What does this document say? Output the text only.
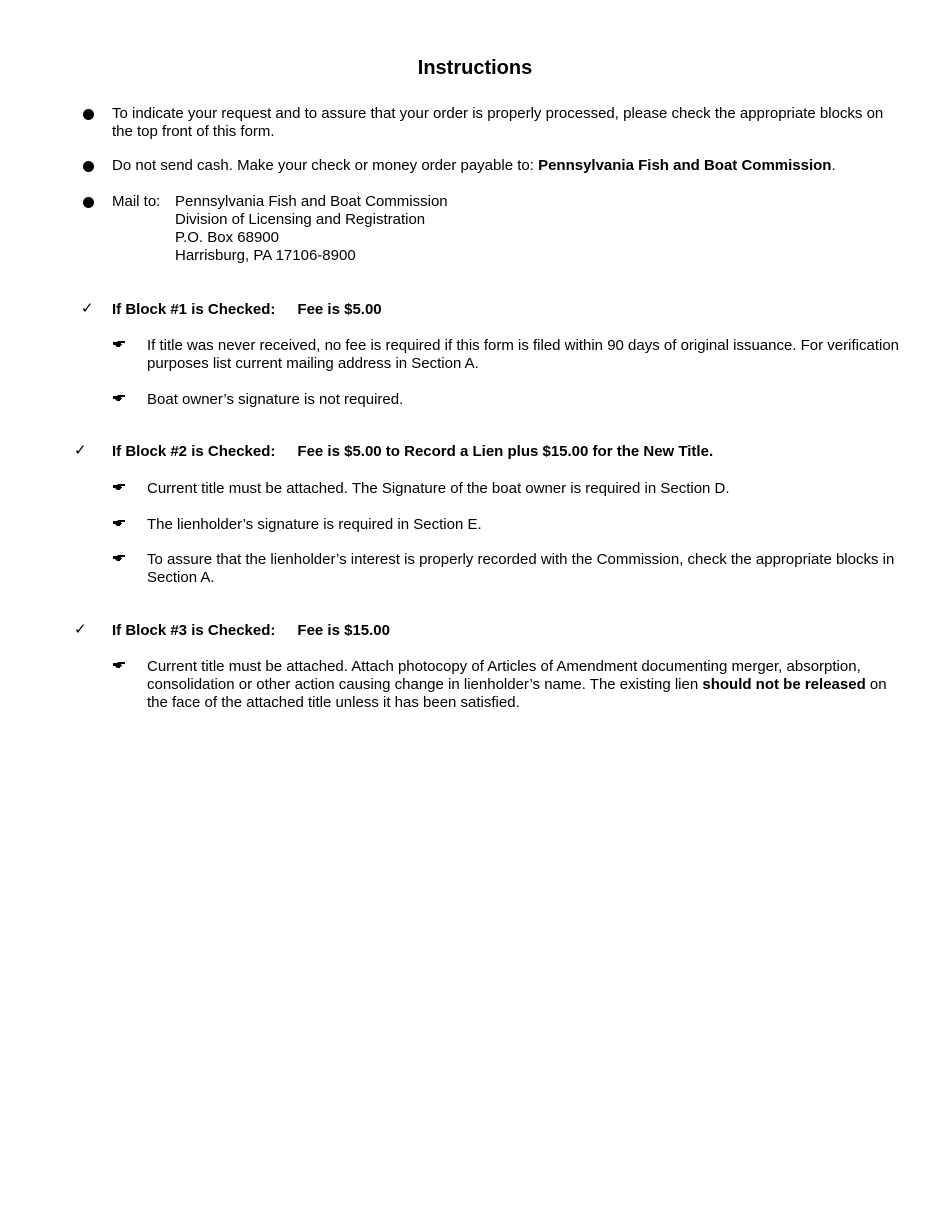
Instructions
To indicate your request and to assure that your order is properly processed, please check the appropriate blocks on the top front of this form.
Do not send cash. Make your check or money order payable to: Pennsylvania Fish and Boat Commission.
Mail to: Pennsylvania Fish and Boat Commission
Division of Licensing and Registration
P.O. Box 68900
Harrisburg, PA 17106-8900
✓ If Block #1 is Checked: Fee is $5.00
If title was never received, no fee is required if this form is filed within 90 days of original issuance. For verification purposes list current mailing address in Section A.
Boat owner’s signature is not required.
✓ If Block #2 is Checked: Fee is $5.00 to Record a Lien plus $15.00 for the New Title.
Current title must be attached. The Signature of the boat owner is required in Section D.
The lienholder’s signature is required in Section E.
To assure that the lienholder’s interest is properly recorded with the Commission, check the appropriate blocks in Section A.
✓ If Block #3 is Checked: Fee is $15.00
Current title must be attached. Attach photocopy of Articles of Amendment documenting merger, absorption, consolidation or other action causing change in lienholder’s name. The existing lien should not be released on the face of the attached title unless it has been satisfied.
